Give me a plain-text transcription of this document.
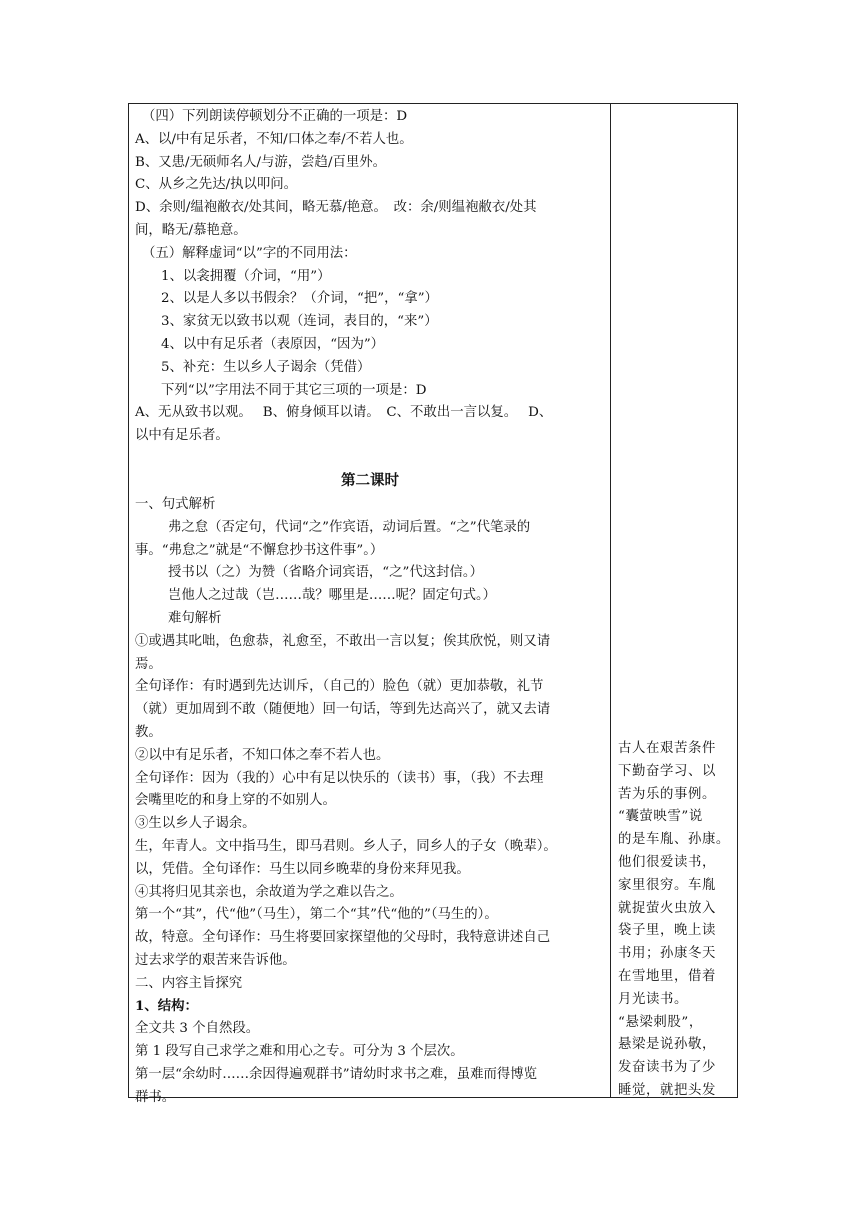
（四）下列朗读停顿划分不正确的一项是：D

A、以/中有足乐者，不知/口体之奉/不若人也。

B、又患/无硕师名人/与游，尝趋/百里外。

C、从乡之先达/执以叩问。

D、余则/缊袍敝衣/处其间，略无慕/艳意。　改：余/则缊袍敝衣/处其

间，略无/慕艳意。

（五）解释虚词“以”字的不同用法：

1、以衾拥覆（介词，“用”）

2、以是人多以书假余？（介词，“把”，“拿”）

3、家贫无以致书以观（连词，表目的，“来”）

4、以中有足乐者（表原因，“因为”）

5、补充：生以乡人子谒余（凭借）

下列“以”字用法不同于其它三项的一项是：D

A、无从致书以观。　 B、俯身倾耳以请。　C、不敢出一言以复。　 D、

以中有足乐者。

第二课时

一、句式解析

弗之怠（否定句，代词“之”作宾语，动词后置。“之”代笔录的

事。“弗怠之”就是“不懈怠抄书这件事”。）

授书以（之）为赞（省略介词宾语，“之”代这封信。）

岂他人之过哉（岂……哉？哪里是……呢？固定句式。）

难句解析

①或遇其叱咄，色愈恭，礼愈至，不敢出一言以复；俟其欣悦，则又请

焉。

全句译作：有时遇到先达训斥，（自己的）脸色（就）更加恭敬，礼节

（就）更加周到不敢（随便地）回一句话，等到先达高兴了，就又去请

教。

②以中有足乐者，不知口体之奉不若人也。

全句译作：因为（我的）心中有足以快乐的（读书）事，（我）不去理

会嘴里吃的和身上穿的不如别人。

③生以乡人子谒余。

生，年青人。文中指马生，即马君则。乡人子，同乡人的子女（晚辈）。

以，凭借。全句译作：马生以同乡晚辈的身份来拜见我。

④其将归见其亲也，余故道为学之难以告之。

第一个“其”，代“他”（马生），第二个“其”代“他的”（马生的）。

故，特意。全句译作：马生将要回家探望他的父母时，我特意讲述自己

过去求学的艰苦来告诉他。

二、内容主旨探究

1、结构：

全文共 3 个自然段。

第 1 段写自己求学之难和用心之专。可分为 3 个层次。

第一层“余幼时……余因得遍观群书”请幼时求书之难，虽难而得博览

群书。

古人在艰苦条件

下勤奋学习、以

苦为乐的事例。

“囊萤映雪”说

的是车胤、孙康。

他们很爱读书，

家里很穷。车胤

就捉萤火虫放入

袋子里，晚上读

书用；孙康冬天

在雪地里，借着

月光读书。

“悬梁刺股”，

悬梁是说孙敬，

发奋读书为了少

睡觉，就把头发
